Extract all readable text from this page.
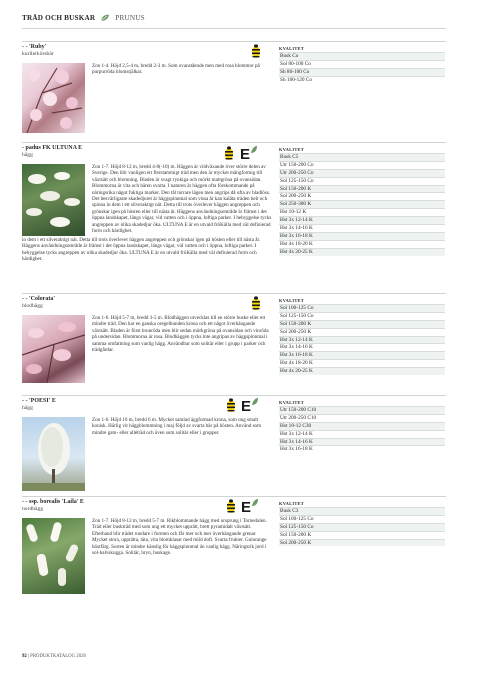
TRÄD OCH BUSKAR	PRUNUS
- - 'Ruby'
kurilerkörsbär
Zon 1-4. Höjd 2,5-4 m, bredd 2-3 m. Som ovanstående men med rosa blommor på purpurröda blomstjälkar.
KVALITET
Busk Co
Sol 80-100 Co
Sh 80-100 Co
Sh 100-120 Co
- padus FK ULTUNA E
hägg
Zon 1-7. Höjd 8-12 m, bredd 4-8(-10) m. Häggen är vildväxande över större delen av Sverige. Den blir vanligen ett flerstammigt träd men den är mycket mångformig till växtsätt och blomning. Bladen är svagt rynkiga och mörkt mattgröna på ovansidan. Blommorna är vita och bären svarta. I naturen är häggen ofta förekommande på näringsrika något fuktiga marker. Den tål torrare lägen men angrips då ofta av bladlöss. Det besvärligaste skadedjuret är häggspinnmal som vissa år kan kaläta träden helt och spinna in dem i ett silveraktigt nät. Detta till trots överlever häggen angreppen och grönskar igen på hösten eller till nästa år. Häggens användningsområde är främst i det öppna landskapet, längs vägar, vid vatten och i öppna, luftiga parker. I hebyggelse tycks angreppen av olika skadedjur öka. ULTUNA E är en utvald fröKälla med väl definierad form och härdighet.
in dem i ett silveraktigt nät. Detta till trots överlever häggen angreppen och grönskar igen på hösten eller till nästa år. Häggens användningsområde är främst i det öppna landskapet, längs vägar, vid vatten och i öppna, luftiga parker. I hebyggelse tycks angreppen av olika skadedjur öka. ULTUNA E är en utvald fröKälla med väl definierad form och härdighet.
E	KVALITET
Busk C5
Utr 150-200 Co
Utr 200-250 Co
Sol 125-150 Co
Sol 150-200 K
Sol 200-250 K
Sol 250-300 K
Hst 10-12 K
Hst 3x 12-14 K
Hst 3x 14-16 K
Hst 3x 16-18 K
Hst 4x 18-20 K
Hst 4x 20-25 K
- - 'Colorata'
blodhägg
Zon 1-6. Höjd 5-7 m, bredd 3-5 m. Blodhäggen utvecklas till en större buske eller ett mindre träd. Den har en ganska oregelbunden krona och ett något överhängande växtsätt. Bladen är först brunröda men blir sedan mörkgröna på ovansidan och vinröda på undersidan. Blommorna är rosa. Blodhäggen tycks inte angripas av häggspinnmal i samma omfattning som vanlig hägg. Användbar som solitär eller i grupp i parker och trädgårdar.
KVALITET
Sol 100-125 Co
Sol 125-150 Co
Sol 150-200 K
Sol 200-250 K
Hst 3x 12-14 K
Hst 3x 14-16 K
Hst 3x 16-18 K
Hst 4x 18-20 K
Hst 4x 20-25 K
- - 'POESI' E
hägg
Zon 1-6. Höjd 10 m, bredd 6 m. Mycket samlad äggformad krona, som ung smalt konisk. Härlig vit häggblommning i maj följd av svarta bär på hösten. Använd som mindre gatu- eller alléträd och även som solitär eller i grupper.
E	KVALITET
Utr 150-200 C10
Utr 200-250 C10
Hst 10-12 C30
Hst 3x 12-14 K
Hst 3x 14-16 K
Hst 3x 16-18 K
- - ssp. borealis 'Laila' E
nordhägg
Zon 1-7. Höjd 8-12 m, bredd 5-7 m. Rikblommande hägg med ursprung i Tornedalen. Träd eller buskträd med som ung ett mycket upprätt, brett pyramidalt växtsätt. Efterhand blir trädet rundare i formen och får mer och mer överhängande grenar. Mycket stora, upprätta, täta, vita blomklasar med mild doft. Svarta frukter. Gulorange höstfärg. Sorten är mindre känslig för häggspinnmal än vanlig hägg. Näringsrik jord i sol-halvskugga. Solitär, bryn, buskage.
E	KVALITET
Busk C3
Sol 100-125 Co
Sol 125-150 Co
Sol 150-200 K
Sol 200-250 K
92 | PRODUKTKATALOG 2026
